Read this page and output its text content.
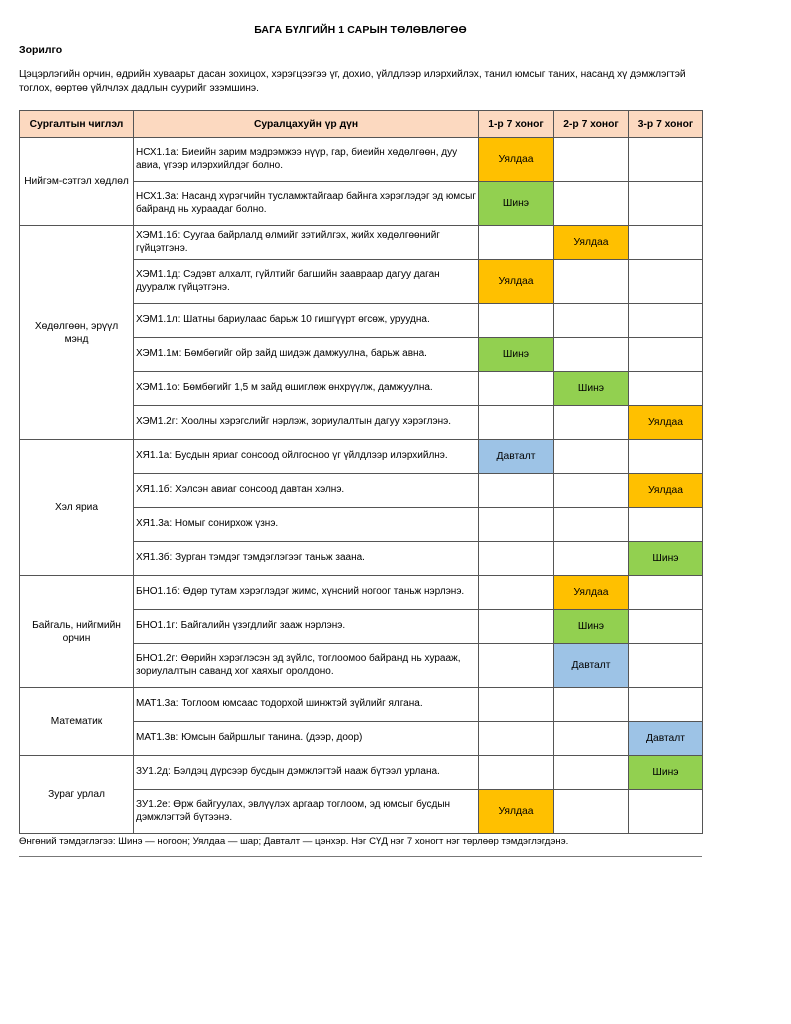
БАГА БҮЛГИЙН 1 САРЫН ТӨЛӨВЛӨГӨӨ
Зорилго
Цэцэрлэгийн орчин, өдрийн хуваарьт дасан зохицох, хэрэгцээгээ үг, дохио, үйлдлээр илэрхийлэх, танил юмсыг таних, насанд хү дэмжлэгтэй тоглох, өөртөө үйлчлэх дадлын суурийг эзэмшинэ.
Сургалтын чиглэл	Суралцахуйн үр дүн	1-р 7 хоног	2-р 7 хоног	3-р 7 хоног
Нийгэм-сэтгэл хөдлөл	НСХ1.1а: Биеийн зарим мэдрэмжээ нүүр, гар, биеийн хөдөлгөөн, дуу авиа, үгээр илэрхийлдэг болно.	Уялдаа		
	НСХ1.3а: Насанд хүрэгчийн тусламжтайгаар байнга хэрэглэдэг эд юмсыг байранд нь хураадаг болно.	Шинэ		
Хөдөлгөөн, эрүүл мэнд	ХЭМ1.1б: Суугаа байрлалд өлмийг зэтийлгэх, жийх хөдөлгөөнийг гүйцэтгэнэ.		Уялдаа	
	ХЭМ1.1д: Сэдэвт алхалт, гүйлтийг багшийн заавраар дагуу даган дууралж гүйцэтгэнэ.	Уялдаа		
	ХЭМ1.1л: Шатны бариулаас барьж 10 гишгүүрт өгсөж, уруудна.			
	ХЭМ1.1м: Бөмбөгийг ойр зайд шидэж дамжуулна, барьж авна.	Шинэ		
	ХЭМ1.1о: Бөмбөгийг 1,5 м зайд өшиглөж өнхрүүлж, дамжуулна.		Шинэ	
	ХЭМ1.2г: Хоолны хэрэгслийг нэрлэж, зориулалтын дагуу хэрэглэнэ.			Уялдаа
Хэл яриа	ХЯ1.1а: Бусдын яриаг сонсоод ойлгосноо үг үйлдлээр илэрхийлнэ.	Давталт		
	ХЯ1.1б: Хэлсэн авиаг сонсоод давтан хэлнэ.			Уялдаа
	ХЯ1.3а: Номыг сонирхож үзнэ.			
	ХЯ1.3б: Зурган тэмдэг тэмдэглэгээг таньж заана.			Шинэ
Байгаль, нийгмийн орчин	БНО1.1б: Өдөр тутам хэрэглэдэг жимс, хүнсний ногоог таньж нэрлэнэ.		Уялдаа	
	БНО1.1г: Байгалийн үзэгдлийг зааж нэрлэнэ.		Шинэ	
	БНО1.2г: Өөрийн хэрэглэсэн эд зүйлс, тоглоомоо байранд нь хурааж, зориулалтын саванд хог хаяхыг оролдоно.		Давталт	
Математик	МАТ1.3а: Тоглоом юмсаас тодорхой шинжтэй зүйлийг ялгана.			
	МАТ1.3в: Юмсын байршлыг танина. (дээр, доор)			Давталт
Зураг урлал	ЗУ1.2д: Бэлдэц дүрсээр бусдын дэмжлэгтэй нааж бүтээл урлана.			Шинэ
	ЗУ1.2е: Өрж байгуулах, эвлүүлэх аргаар тоглоом, эд юмсыг бусдын дэмжлэгтэй бүтээнэ.	Уялдаа		
Өнгөний тэмдэглэгээ: Шинэ — ногоон; Уялдаа — шар; Давталт — цэнхэр. Нэг СҮД нэг 7 хоногт нэг төрлөөр тэмдэглэгдэнэ.
